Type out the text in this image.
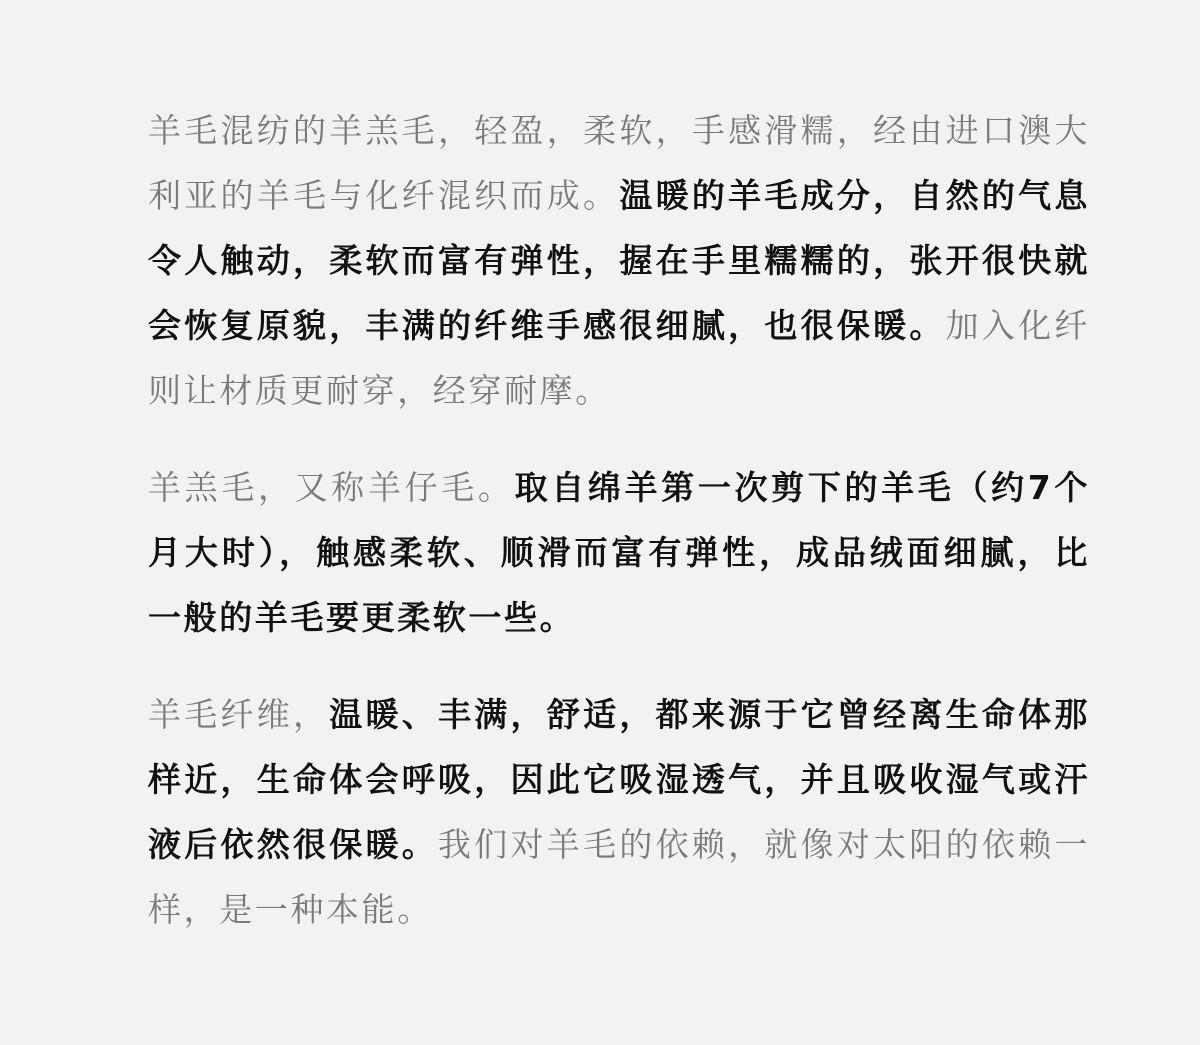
羊毛混纺的羊羔毛，轻盈，柔软，手感滑糯，经由进口澳大利亚的羊毛与化纤混织而成。温暖的羊毛成分，自然的气息令人触动，柔软而富有弹性，握在手里糯糯的，张开很快就会恢复原貌，丰满的纤维手感很细腻，也很保暖。加入化纤则让材质更耐穿，经穿耐摩。

羊羔毛，又称羊仔毛。取自绵羊第一次剪下的羊毛（约7个月大时），触感柔软、顺滑而富有弹性，成品绒面细腻，比一般的羊毛要更柔软一些。

羊毛纤维，温暖、丰满，舒适，都来源于它曾经离生命体那样近，生命体会呼吸，因此它吸湿透气，并且吸收湿气或汗液后依然很保暖。我们对羊毛的依赖，就像对太阳的依赖一样，是一种本能。
